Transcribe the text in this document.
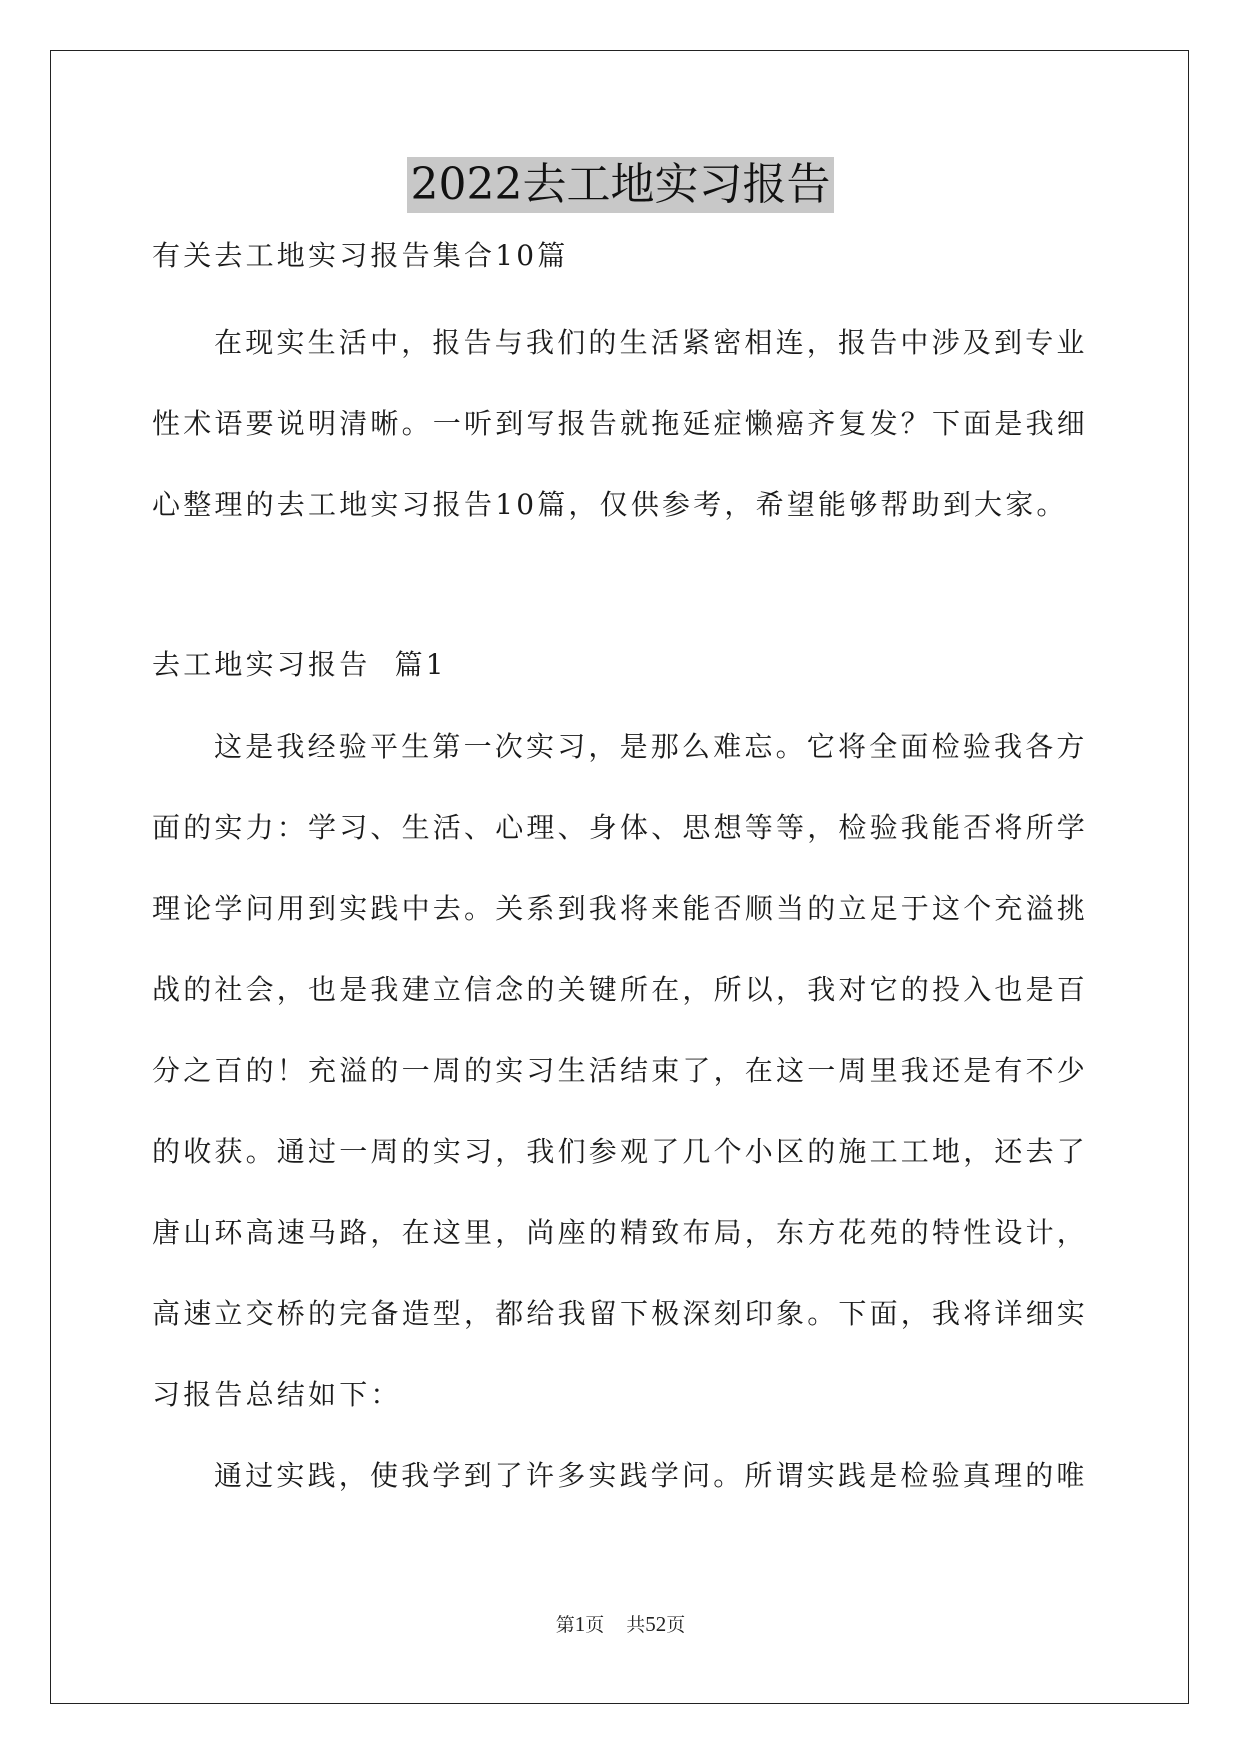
2022去工地实习报告
有关去工地实习报告集合10篇
在现实生活中，报告与我们的生活紧密相连，报告中涉及到专业
性术语要说明清晰。一听到写报告就拖延症懒癌齐复发？下面是我细
心整理的去工地实习报告10篇，仅供参考，希望能够帮助到大家。
去工地实习报告  篇1
这是我经验平生第一次实习，是那么难忘。它将全面检验我各方
面的实力：学习、生活、心理、身体、思想等等，检验我能否将所学
理论学问用到实践中去。关系到我将来能否顺当的立足于这个充溢挑
战的社会，也是我建立信念的关键所在，所以，我对它的投入也是百
分之百的！充溢的一周的实习生活结束了，在这一周里我还是有不少
的收获。通过一周的实习，我们参观了几个小区的施工工地，还去了
唐山环高速马路，在这里，尚座的精致布局，东方花苑的特性设计，
高速立交桥的完备造型，都给我留下极深刻印象。下面，我将详细实
习报告总结如下：
通过实践，使我学到了许多实践学问。所谓实践是检验真理的唯
第1页 共52页
